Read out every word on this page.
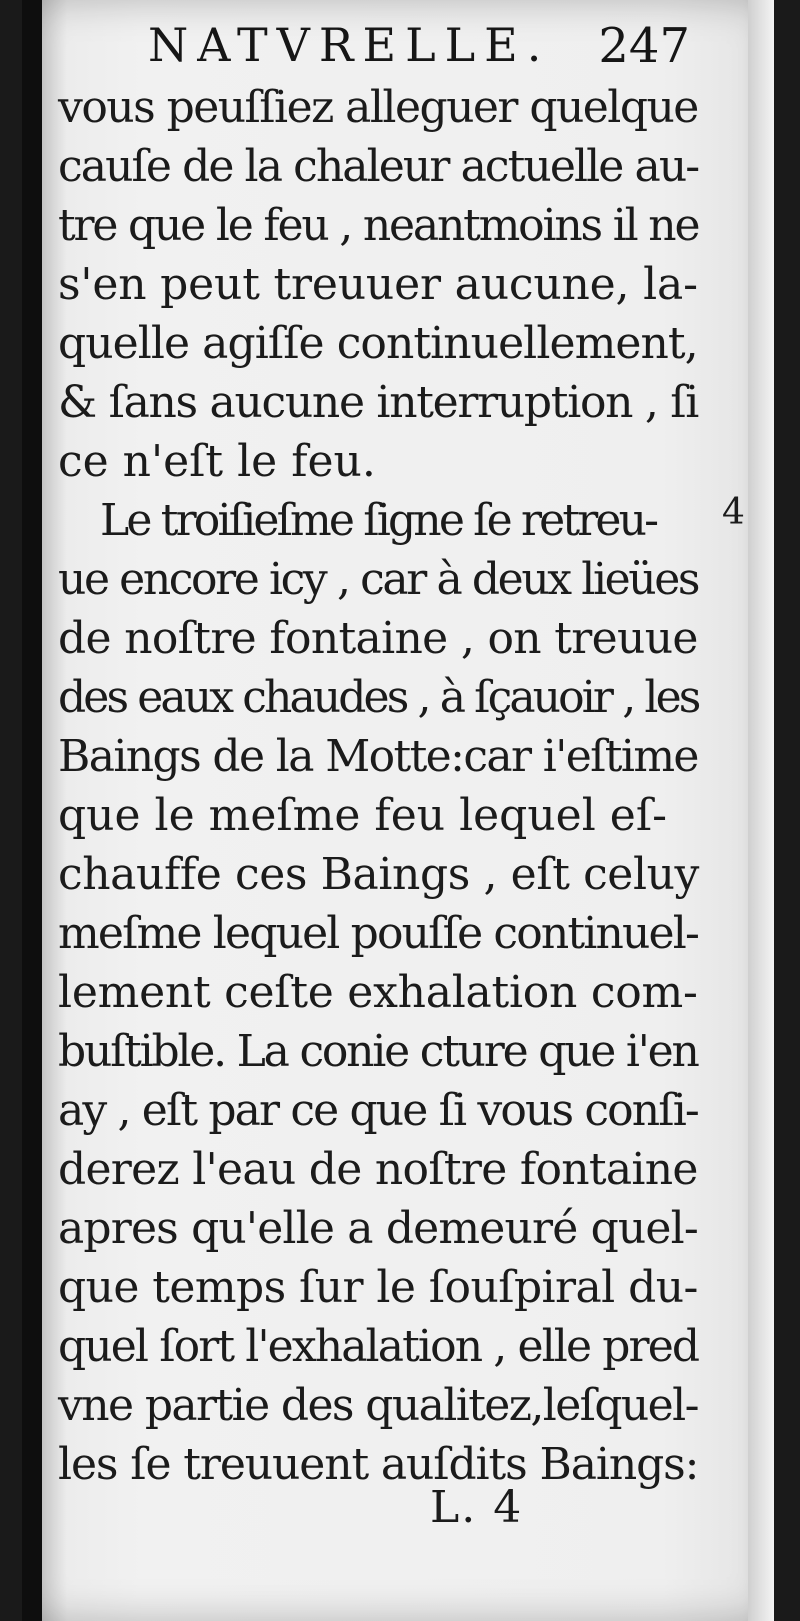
NATVRELLE. 247
vous peuſſiez alleguer quelque
cauſe de la chaleur actuelle au-
tre que le feu , neantmoins il ne
s'en peut treuuer aucune, la-
quelle agiſſe continuellement,
& ſans aucune interruption , ſi
ce n'eſt le feu.
Le troiſieſme ſigne ſe retreu-
ue encore icy , car à deux lieües
de noſtre fontaine , on treuue
des eaux chaudes , à ſçauoir , les
Baings de la Motte:car i'eſtime
que le meſme feu lequel eſ-
chauffe ces Baings , eſt celuy
meſme lequel pouſſe continuel-
lement ceſte exhalation com-
buſtible. La conie cture que i'en
ay , eſt par ce que ſi vous conſi-
derez l'eau de noſtre fontaine
apres qu'elle a demeuré quel-
que temps ſur le ſouſpiral du-
quel ſort l'exhalation , elle pred
vne partie des qualitez,leſquel-
les ſe treuuent auſdits Baings:
4
L. 4
